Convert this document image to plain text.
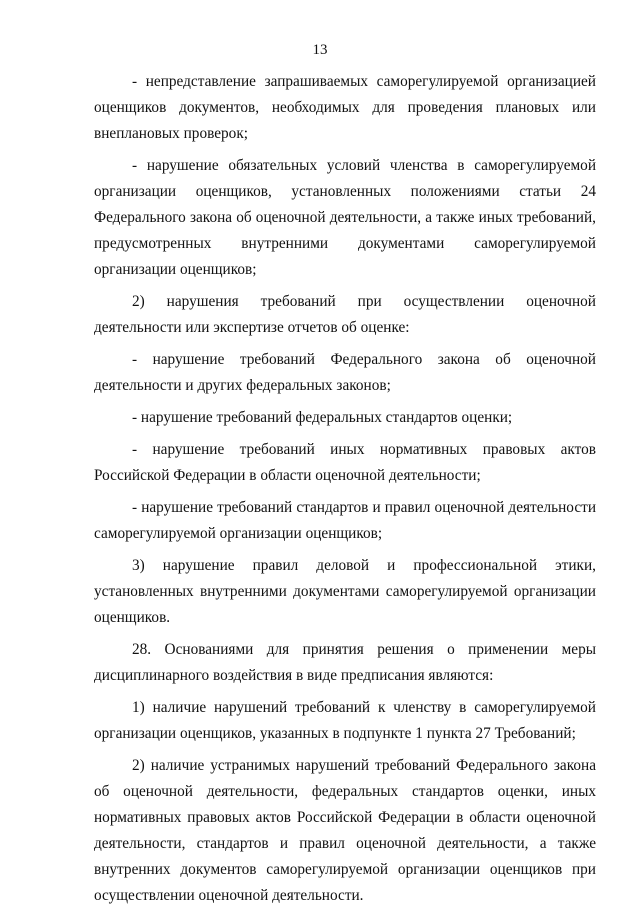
13

- непредставление запрашиваемых саморегулируемой организацией оценщиков документов, необходимых для проведения плановых или внеплановых проверок;

- нарушение обязательных условий членства в саморегулируемой организации оценщиков, установленных положениями статьи 24 Федерального закона об оценочной деятельности, а также иных требований, предусмотренных внутренними документами саморегулируемой организации оценщиков;

2) нарушения требований при осуществлении оценочной деятельности или экспертизе отчетов об оценке:

- нарушение требований Федерального закона об оценочной деятельности и других федеральных законов;

- нарушение требований федеральных стандартов оценки;

- нарушение требований иных нормативных правовых актов Российской Федерации в области оценочной деятельности;

- нарушение требований стандартов и правил оценочной деятельности саморегулируемой организации оценщиков;

3) нарушение правил деловой и профессиональной этики, установленных внутренними документами саморегулируемой организации оценщиков.

28. Основаниями для принятия решения о применении меры дисциплинарного воздействия в виде предписания являются:

1) наличие нарушений требований к членству в саморегулируемой организации оценщиков, указанных в подпункте 1 пункта 27 Требований;

2) наличие устранимых нарушений требований Федерального закона об оценочной деятельности, федеральных стандартов оценки, иных нормативных правовых актов Российской Федерации в области оценочной деятельности, стандартов и правил оценочной деятельности, а также внутренних документов саморегулируемой организации оценщиков при осуществлении оценочной деятельности.
